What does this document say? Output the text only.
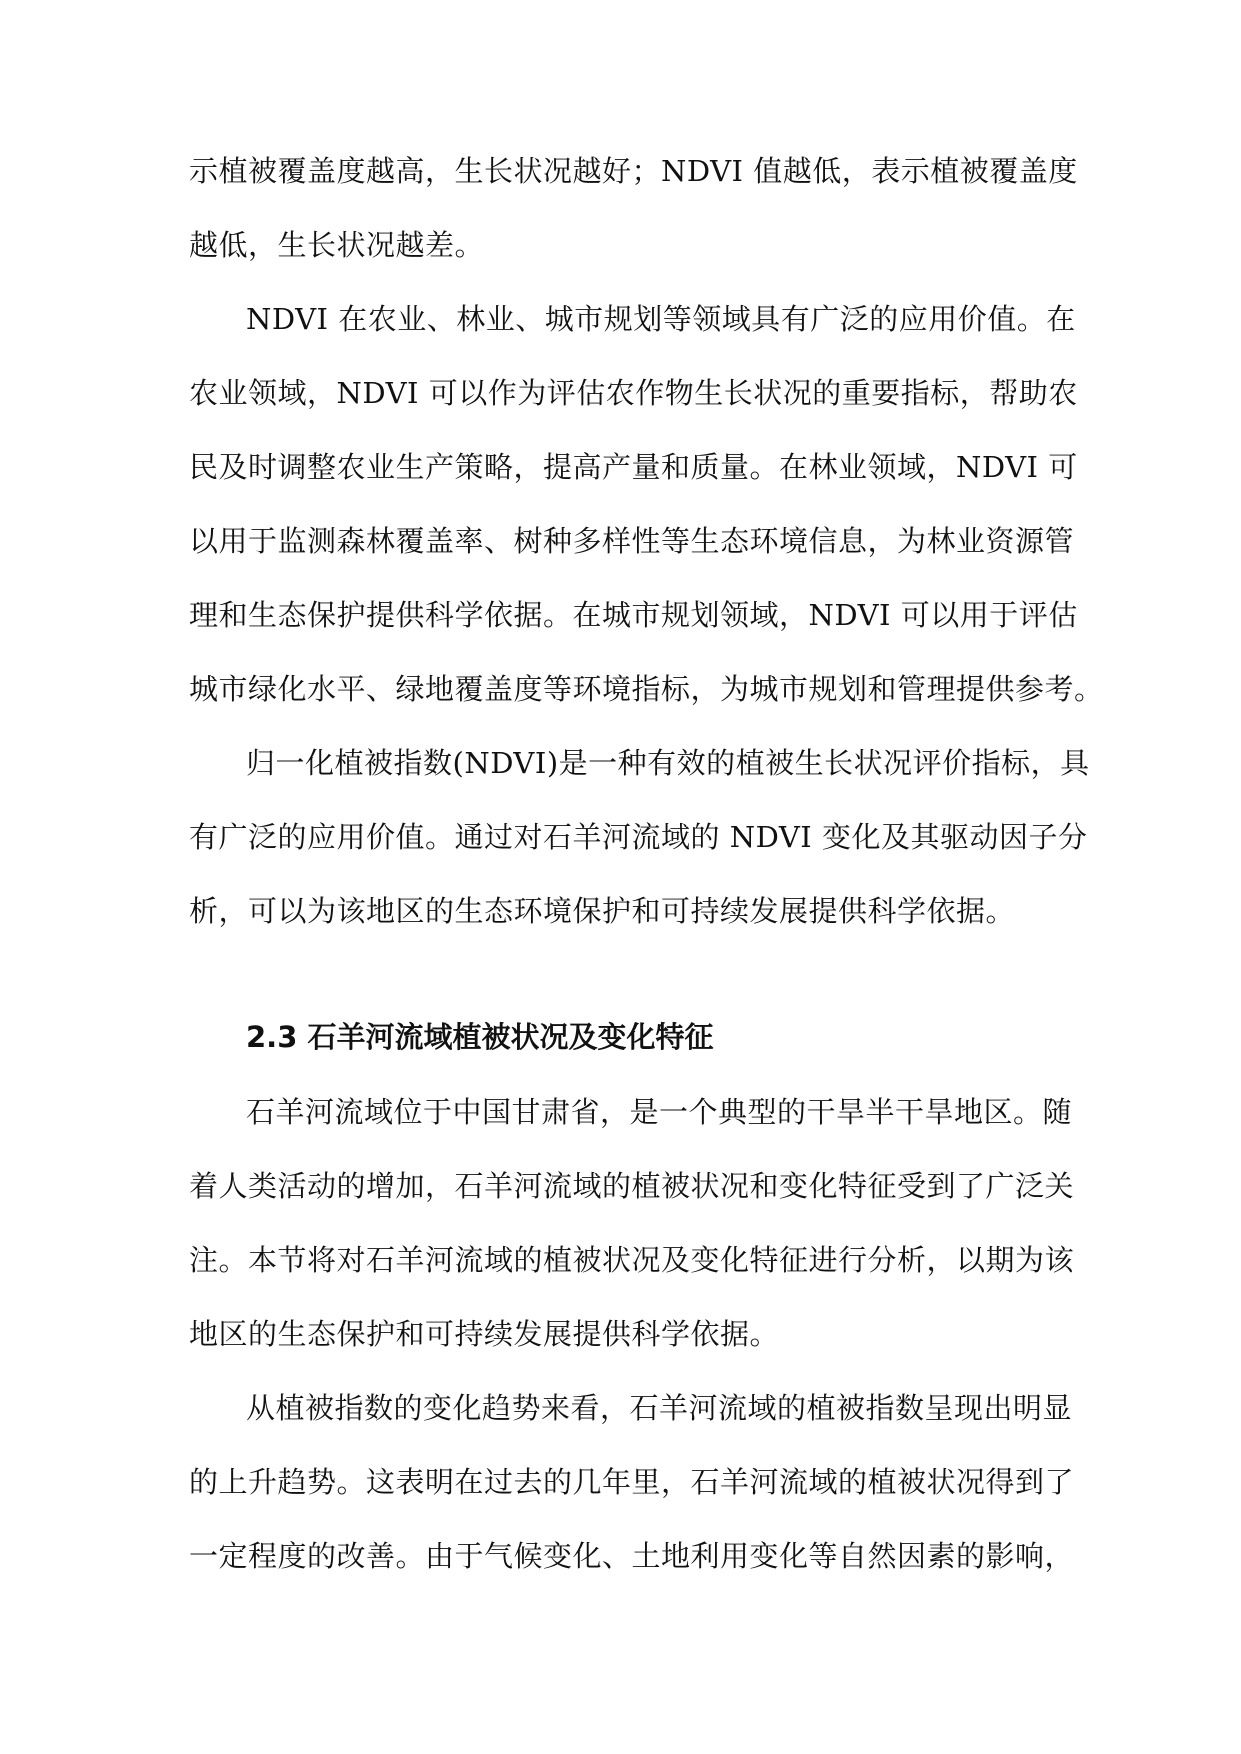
示植被覆盖度越高，生长状况越好；NDVI 值越低，表示植被覆盖度
越低，生长状况越差。
NDVI 在农业、林业、城市规划等领域具有广泛的应用价值。在
农业领域，NDVI 可以作为评估农作物生长状况的重要指标，帮助农
民及时调整农业生产策略，提高产量和质量。在林业领域，NDVI 可
以用于监测森林覆盖率、树种多样性等生态环境信息，为林业资源管
理和生态保护提供科学依据。在城市规划领域，NDVI 可以用于评估
城市绿化水平、绿地覆盖度等环境指标，为城市规划和管理提供参考。
归一化植被指数(NDVI)是一种有效的植被生长状况评价指标，具
有广泛的应用价值。通过对石羊河流域的 NDVI 变化及其驱动因子分
析，可以为该地区的生态环境保护和可持续发展提供科学依据。
2.3 石羊河流域植被状况及变化特征
石羊河流域位于中国甘肃省，是一个典型的干旱半干旱地区。随
着人类活动的增加，石羊河流域的植被状况和变化特征受到了广泛关
注。本节将对石羊河流域的植被状况及变化特征进行分析，以期为该
地区的生态保护和可持续发展提供科学依据。
从植被指数的变化趋势来看，石羊河流域的植被指数呈现出明显
的上升趋势。这表明在过去的几年里，石羊河流域的植被状况得到了
一定程度的改善。由于气候变化、土地利用变化等自然因素的影响，
